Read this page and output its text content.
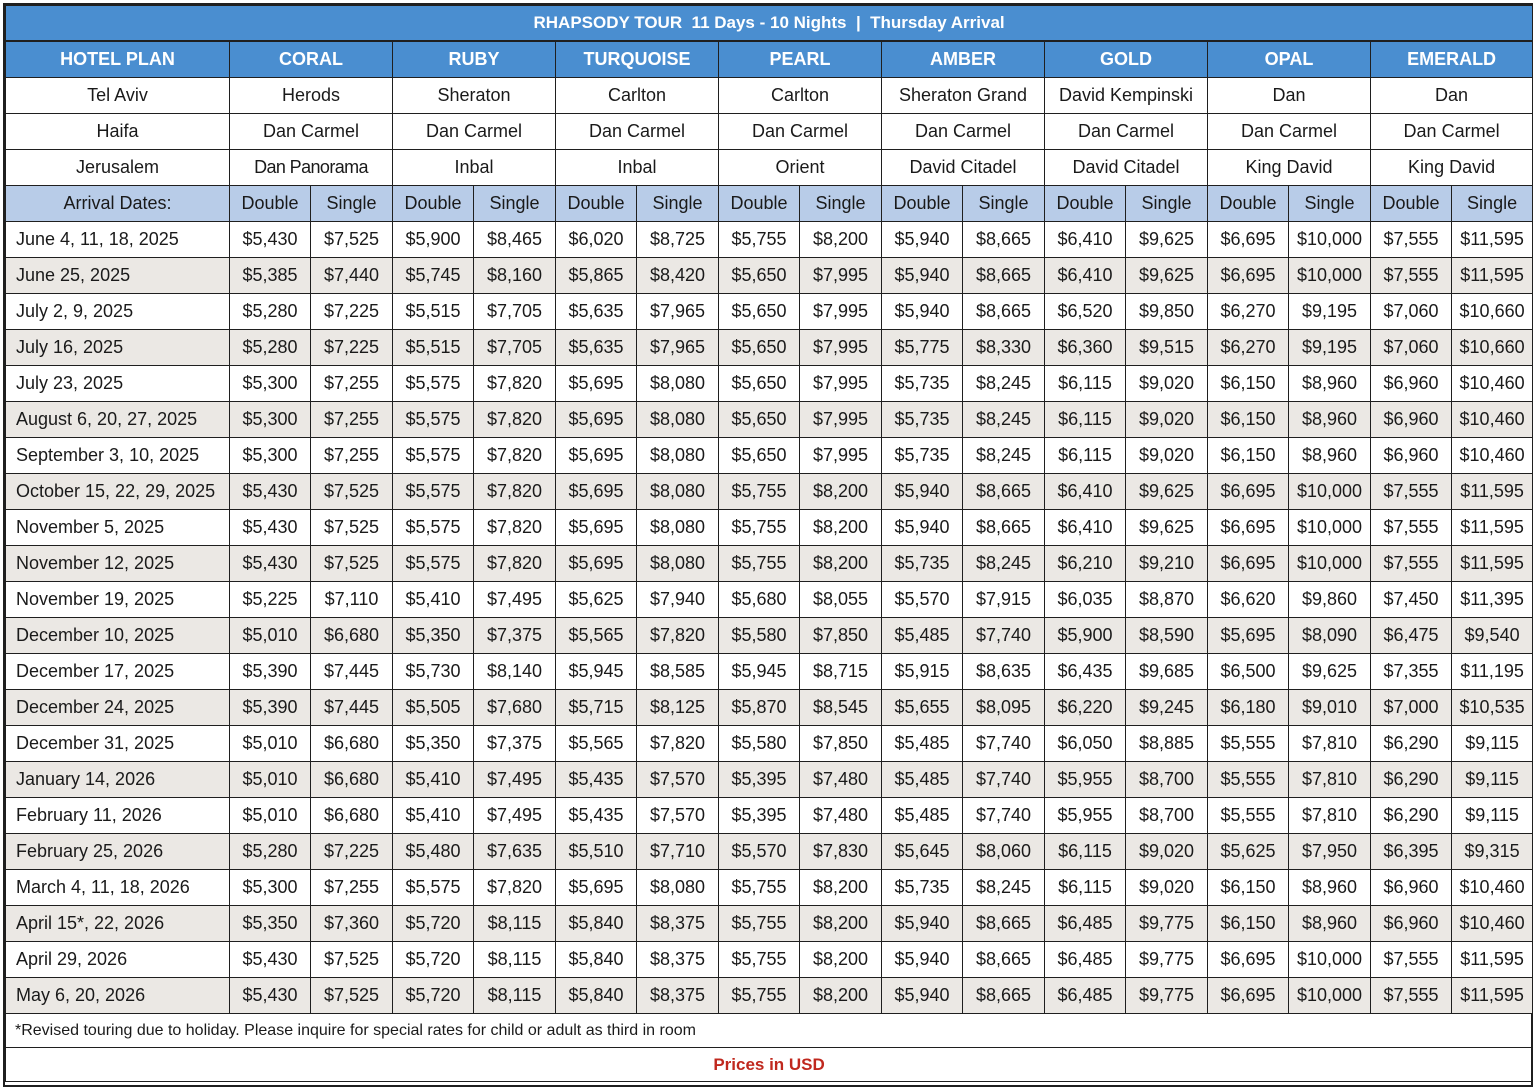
RHAPSODY TOUR  11 Days - 10 Nights  |  Thursday Arrival																
HOTEL PLAN	CORAL		RUBY		TURQUOISE		PEARL		AMBER		GOLD		OPAL		EMERALD	
Tel Aviv	Herods		Sheraton		Carlton		Carlton		Sheraton Grand		David Kempinski		Dan		Dan	
Haifa	Dan Carmel		Dan Carmel		Dan Carmel		Dan Carmel		Dan Carmel		Dan Carmel		Dan Carmel		Dan Carmel	
Jerusalem	Dan Panorama		Inbal		Inbal		Orient		David Citadel		David Citadel		King David		King David	
Arrival Dates:	Double	Single	Double	Single	Double	Single	Double	Single	Double	Single	Double	Single	Double	Single	Double	Single
June 4, 11, 18, 2025	$5,430	$7,525	$5,900	$8,465	$6,020	$8,725	$5,755	$8,200	$5,940	$8,665	$6,410	$9,625	$6,695	$10,000	$7,555	$11,595
June 25, 2025	$5,385	$7,440	$5,745	$8,160	$5,865	$8,420	$5,650	$7,995	$5,940	$8,665	$6,410	$9,625	$6,695	$10,000	$7,555	$11,595
July 2, 9, 2025	$5,280	$7,225	$5,515	$7,705	$5,635	$7,965	$5,650	$7,995	$5,940	$8,665	$6,520	$9,850	$6,270	$9,195	$7,060	$10,660
July 16, 2025	$5,280	$7,225	$5,515	$7,705	$5,635	$7,965	$5,650	$7,995	$5,775	$8,330	$6,360	$9,515	$6,270	$9,195	$7,060	$10,660
July 23, 2025	$5,300	$7,255	$5,575	$7,820	$5,695	$8,080	$5,650	$7,995	$5,735	$8,245	$6,115	$9,020	$6,150	$8,960	$6,960	$10,460
August 6, 20, 27, 2025	$5,300	$7,255	$5,575	$7,820	$5,695	$8,080	$5,650	$7,995	$5,735	$8,245	$6,115	$9,020	$6,150	$8,960	$6,960	$10,460
September 3, 10, 2025	$5,300	$7,255	$5,575	$7,820	$5,695	$8,080	$5,650	$7,995	$5,735	$8,245	$6,115	$9,020	$6,150	$8,960	$6,960	$10,460
October 15, 22, 29, 2025	$5,430	$7,525	$5,575	$7,820	$5,695	$8,080	$5,755	$8,200	$5,940	$8,665	$6,410	$9,625	$6,695	$10,000	$7,555	$11,595
November 5, 2025	$5,430	$7,525	$5,575	$7,820	$5,695	$8,080	$5,755	$8,200	$5,940	$8,665	$6,410	$9,625	$6,695	$10,000	$7,555	$11,595
November 12, 2025	$5,430	$7,525	$5,575	$7,820	$5,695	$8,080	$5,755	$8,200	$5,735	$8,245	$6,210	$9,210	$6,695	$10,000	$7,555	$11,595
November 19, 2025	$5,225	$7,110	$5,410	$7,495	$5,625	$7,940	$5,680	$8,055	$5,570	$7,915	$6,035	$8,870	$6,620	$9,860	$7,450	$11,395
December 10, 2025	$5,010	$6,680	$5,350	$7,375	$5,565	$7,820	$5,580	$7,850	$5,485	$7,740	$5,900	$8,590	$5,695	$8,090	$6,475	$9,540
December 17, 2025	$5,390	$7,445	$5,730	$8,140	$5,945	$8,585	$5,945	$8,715	$5,915	$8,635	$6,435	$9,685	$6,500	$9,625	$7,355	$11,195
December 24, 2025	$5,390	$7,445	$5,505	$7,680	$5,715	$8,125	$5,870	$8,545	$5,655	$8,095	$6,220	$9,245	$6,180	$9,010	$7,000	$10,535
December 31, 2025	$5,010	$6,680	$5,350	$7,375	$5,565	$7,820	$5,580	$7,850	$5,485	$7,740	$6,050	$8,885	$5,555	$7,810	$6,290	$9,115
January 14, 2026	$5,010	$6,680	$5,410	$7,495	$5,435	$7,570	$5,395	$7,480	$5,485	$7,740	$5,955	$8,700	$5,555	$7,810	$6,290	$9,115
February 11, 2026	$5,010	$6,680	$5,410	$7,495	$5,435	$7,570	$5,395	$7,480	$5,485	$7,740	$5,955	$8,700	$5,555	$7,810	$6,290	$9,115
February 25, 2026	$5,280	$7,225	$5,480	$7,635	$5,510	$7,710	$5,570	$7,830	$5,645	$8,060	$6,115	$9,020	$5,625	$7,950	$6,395	$9,315
March 4, 11, 18, 2026	$5,300	$7,255	$5,575	$7,820	$5,695	$8,080	$5,755	$8,200	$5,735	$8,245	$6,115	$9,020	$6,150	$8,960	$6,960	$10,460
April 15*, 22, 2026	$5,350	$7,360	$5,720	$8,115	$5,840	$8,375	$5,755	$8,200	$5,940	$8,665	$6,485	$9,775	$6,150	$8,960	$6,960	$10,460
April 29, 2026	$5,430	$7,525	$5,720	$8,115	$5,840	$8,375	$5,755	$8,200	$5,940	$8,665	$6,485	$9,775	$6,695	$10,000	$7,555	$11,595
May 6, 20, 2026	$5,430	$7,525	$5,720	$8,115	$5,840	$8,375	$5,755	$8,200	$5,940	$8,665	$6,485	$9,775	$6,695	$10,000	$7,555	$11,595
*Revised touring due to holiday. Please inquire for special rates for child or adult as third in room																
Prices in USD																
